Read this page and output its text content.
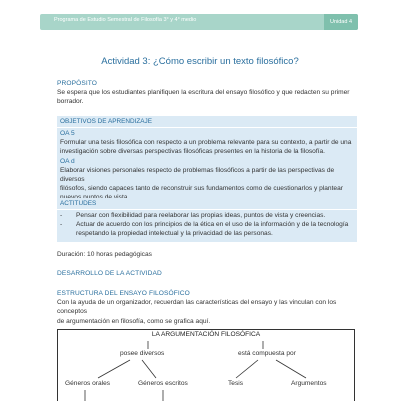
Programa de Estudio Semestral de Filosofía 3° y 4° medio	Unidad 4
Actividad 3: ¿Cómo escribir un texto filosófico?
PROPÓSITO
Se espera que los estudiantes planifiquen la escritura del ensayo filosófico y que redacten su primer
borrador.
OBJETIVOS DE APRENDIZAJE
OA 5
Formular una tesis filosófica con respecto a un problema relevante para su contexto, a partir de una
investigación sobre diversas perspectivas filosóficas presentes en la historia de la filosofía.
OA d
Elaborar visiones personales respecto de problemas filosóficos a partir de las perspectivas de diversos
filósofos, siendo capaces tanto de reconstruir sus fundamentos como de cuestionarlos y plantear
ACTITUDES
-	Pensar con flexibilidad para reelaborar las propias ideas, puntos de vista y creencias.
-	Actuar de acuerdo con los principios de la ética en el uso de la información y de la tecnología
respetando la propiedad intelectual y la privacidad de las personas.
Duración: 10 horas pedagógicas
DESARROLLO DE LA ACTIVIDAD
ESTRUCTURA DEL ENSAYO FILOSÓFICO
Con la ayuda de un organizador, recuerdan las características del ensayo y las vinculan con los conceptos
de argumentación en filosofía, como se grafica aquí.
LA ARGUMENTACIÓN FILOSÓFICA
posee diversos	está compuesta por
Géneros orales	Géneros escritos	Tesis	Argumentos
